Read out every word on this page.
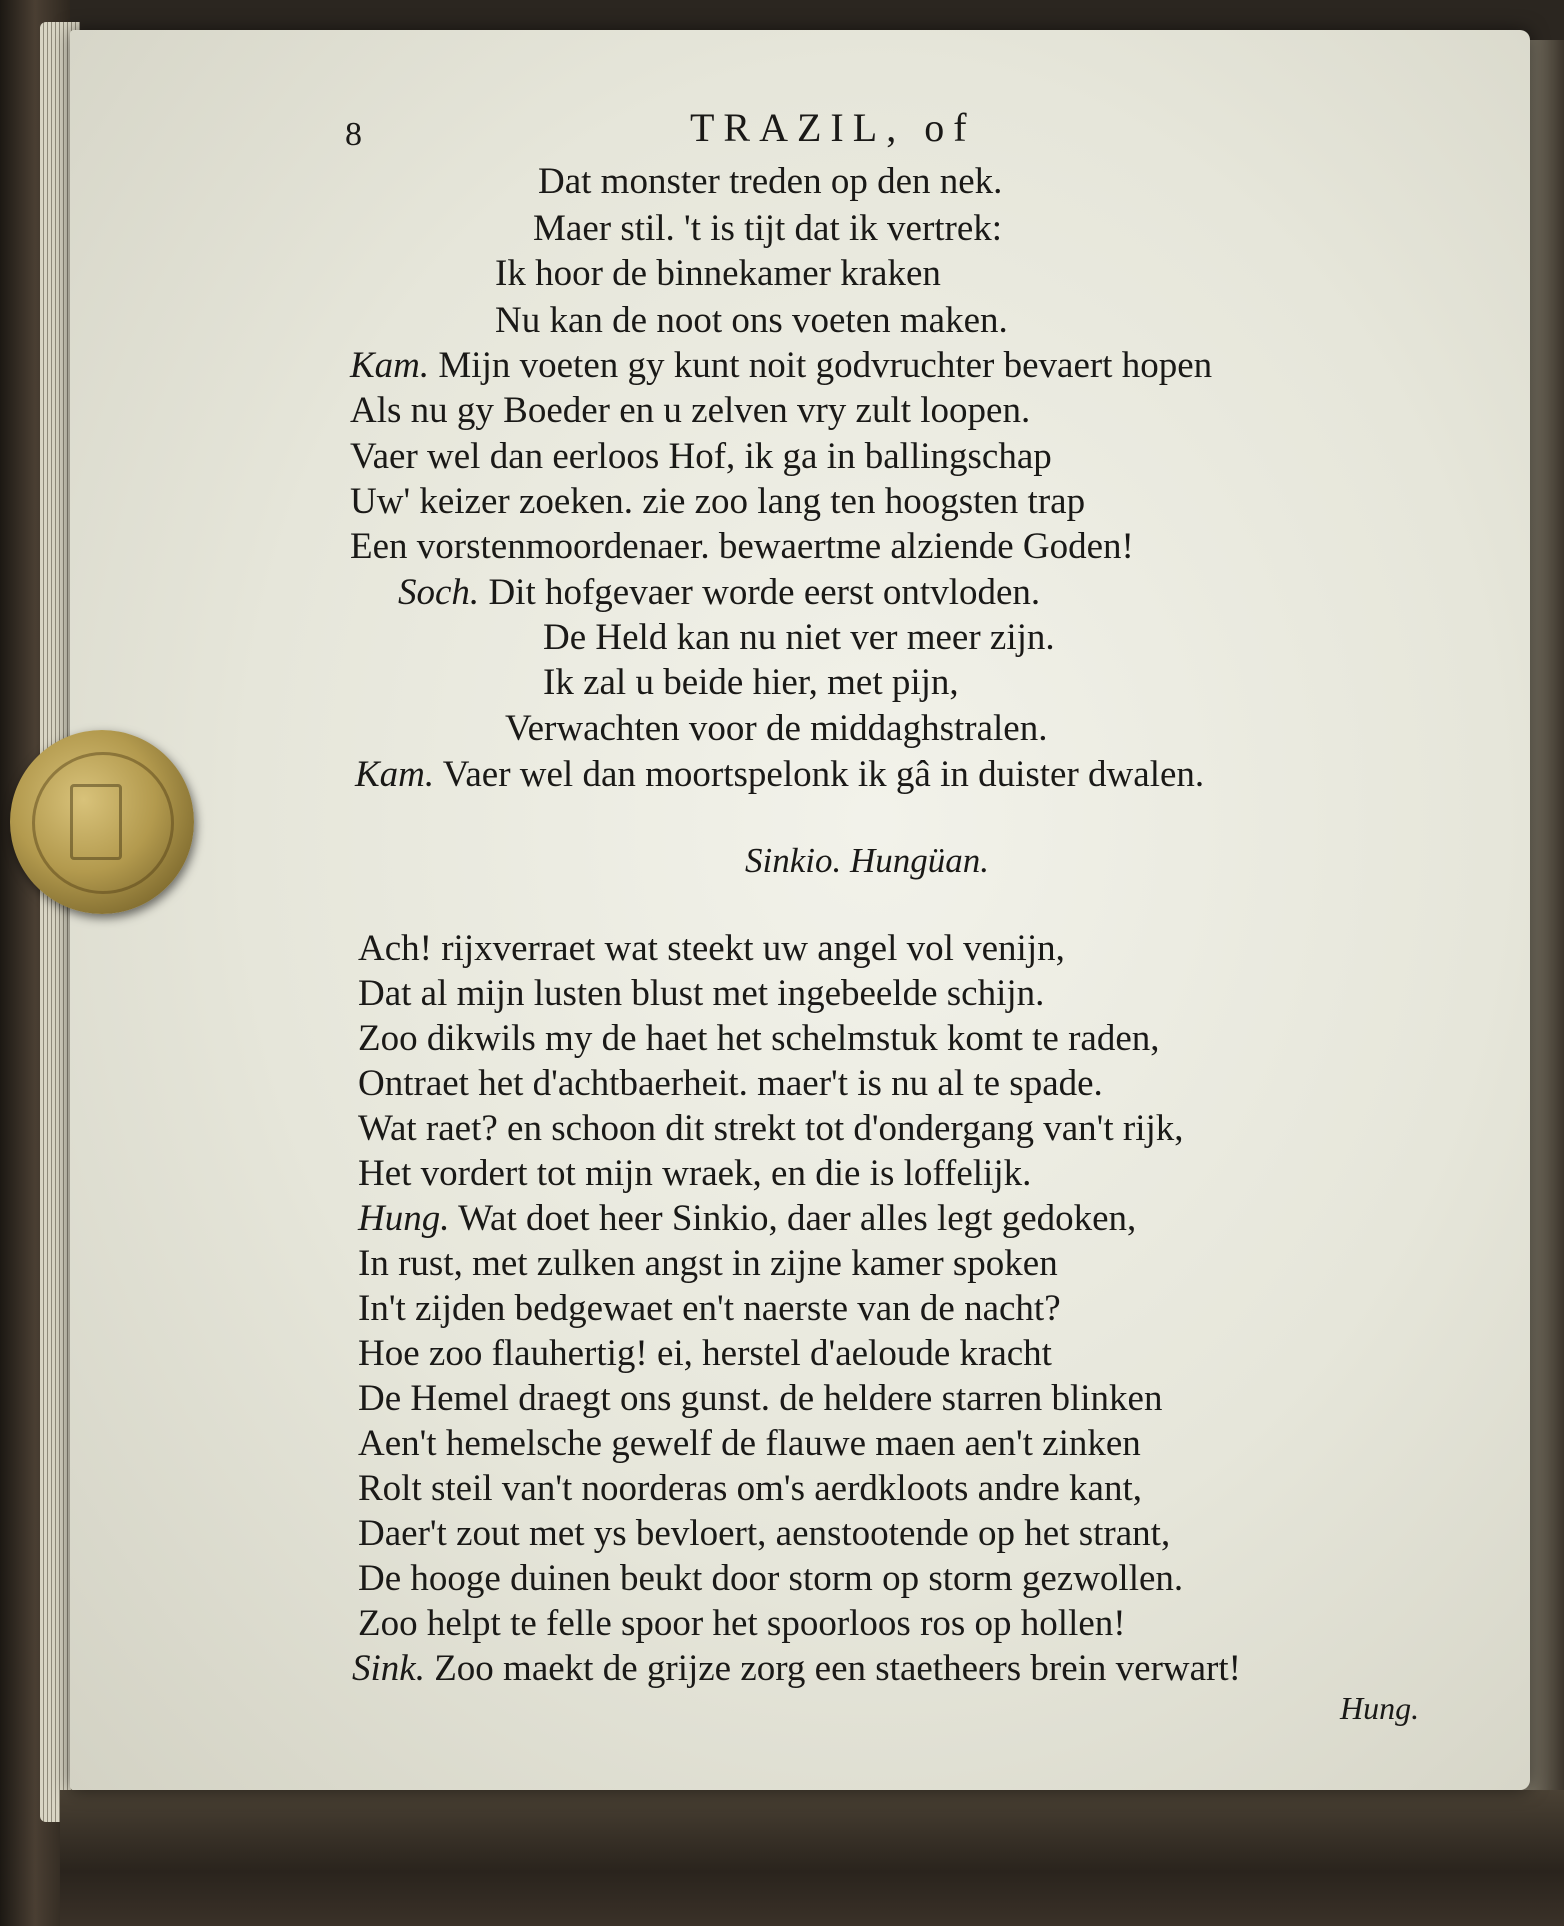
8	TRAZIL, of
Dat monster treden op den nek.
Maer stil. 't is tijt dat ik vertrek:
Ik hoor de binnekamer kraken
Nu kan de noot ons voeten maken.
Kam. Mijn voeten gy kunt noit godvruchter bevaert hopen
Als nu gy Boeder en u zelven vry zult loopen.
Vaer wel dan eerloos Hof, ik ga in ballingschap
Uw' keizer zoeken. zie zoo lang ten hoogsten trap
Een vorstenmoordenaer. bewaertme alziende Goden!
Soch. Dit hofgevaer worde eerst ontvloden.
De Held kan nu niet ver meer zijn.
Ik zal u beide hier, met pijn,
Verwachten voor de middaghstralen.
Kam. Vaer wel dan moortspelonk ik gâ in duister dwalen.
Sinkio. Hungüan.
Ach! rijxverraet wat steekt uw angel vol venijn,
Dat al mijn lusten blust met ingebeelde schijn.
Zoo dikwils my de haet het schelmstuk komt te raden,
Ontraet het d'achtbaerheit. maer't is nu al te spade.
Wat raet? en schoon dit strekt tot d'ondergang van't rijk,
Het vordert tot mijn wraek, en die is loffelijk.
Hung. Wat doet heer Sinkio, daer alles legt gedoken,
In rust, met zulken angst in zijne kamer spoken
In't zijden bedgewaet en't naerste van de nacht?
Hoe zoo flauhertig! ei, herstel d'aeloude kracht
De Hemel draegt ons gunst. de heldere starren blinken
Aen't hemelsche gewelf de flauwe maen aen't zinken
Rolt steil van't noorderas om's aerdkloots andre kant,
Daer't zout met ys bevloert, aenstootende op het strant,
De hooge duinen beukt door storm op storm gezwollen.
Zoo helpt te felle spoor het spoorloos ros op hollen!
Sink. Zoo maekt de grijze zorg een staetheers brein verwart!
Hung.
